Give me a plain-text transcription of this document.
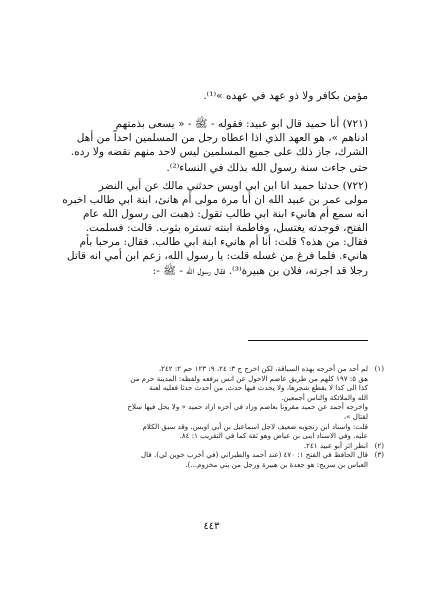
مؤمن بكافر ولا ذو عهد في عهده »⁽¹⁾.
(٧٢١) أنا حميد قال ابو عبيد: فقوله - ﷺ - « يسعى بذمتهم
ادناهم »، هو العهد الذي اذا اعطاه رجل من المسلمين احداً من أهل
الشرك، جاز ذلك على جميع المسلمين ليس لاحد منهم نقضه ولا رده.
حتى جاءت سنة رسول الله بذلك في النساء⁽²⁾.
(٧٢٢) حدثنا حميد انا ابن ابي اويس حدثني مالك عن أبي النضر
مولى عمر بن عبيد الله ان أبا مرة مولى أم هانئ، ابنة ابي طالب اخبره
انه سمع أم هانيء ابنة ابي طالب تقول: ذهبت الى رسول الله عام
الفتح، فوجدته يغتسل، وفاطمة ابنته تستره بثوب. قالت: فسلمت.
فقال: من هذه؟ قلت: أنا أم هانيء ابنة ابي طالب. فقال: مرحبا بأم
هانيء. فلما فرغ من غسله قلت: يا رسول الله، زعم ابن أمي انه قاتل
رجلا قد اجرته، فلان بن هبيرة⁽³⁾. فقال رسول الله - ﷺ -:
(١)
لم أجد من أخرجه بهذه السياقة، لكن اخرج ج ٣: ٢٤، ٩: ١٢٣ حم ٢: ٢٤٢،
هق ٥: ١٩٧ كلهم من طريق عاصم الاحول عن انس يرفعه ولفظه: المدينة حرم من
كذا الى كذا لا يقطع شجرها، ولا يحدث فيها حدث. من أحدث حدثا فعليه لعنة
الله والملائكة والناس أجمعين.
واخرجه أحمد عن حميد مقرونا بعاصم وزاد في آخره ازاد حميد « ولا يحل فيها سلاح
لقتال »،
قلت: واسناد ابن زنجويه ضعيف لاجل اسماعيل بن أبي اويس. وقد سبق الكلام
عليه. وفي الاسناد ابنى بن عياض وهو ثقة كما في التقريب ١: ٨٤.
(٢)
انظر اثر أبو عبيد ٢٤١.
(٣)
قال الحافظ في الفتح ١: ٤٧٠ (عند أحمد والطبراني (في أخرب خوين لي). قال
العباس بن سريج: هو جعدة بن هبيرة ورجل من بني مخزوم...).
٤٤٣
